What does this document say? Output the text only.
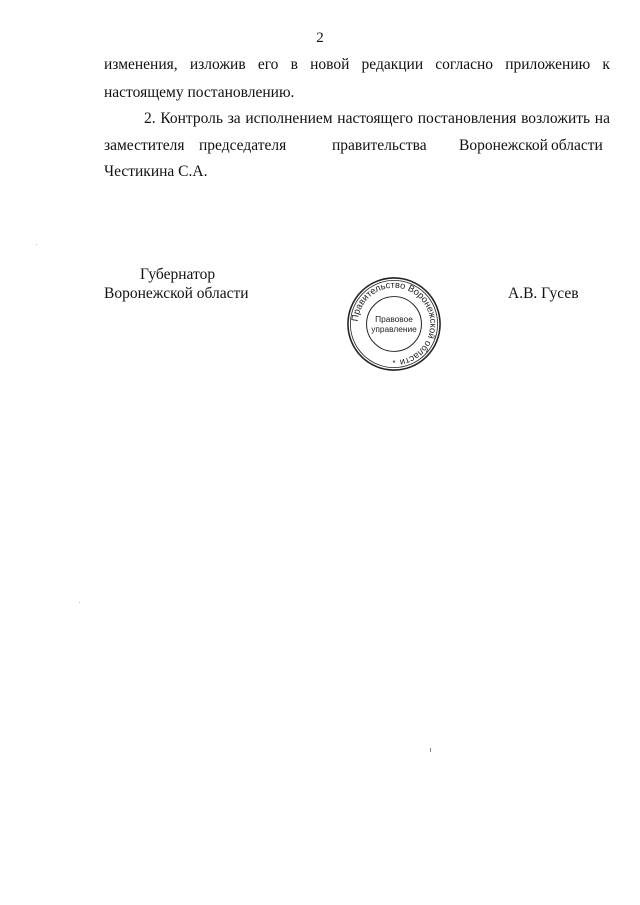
2
изменения, изложив его в новой редакции согласно приложению к
настоящему постановлению.
2. Контроль за исполнением настоящего постановления возложить на
заместителя председателя	правительства Воронежской области
Честикина С.А.
Губернатор
Воронежской области	А.В. Гусев
Правительство Воронежской области
Правовое
управление
*
